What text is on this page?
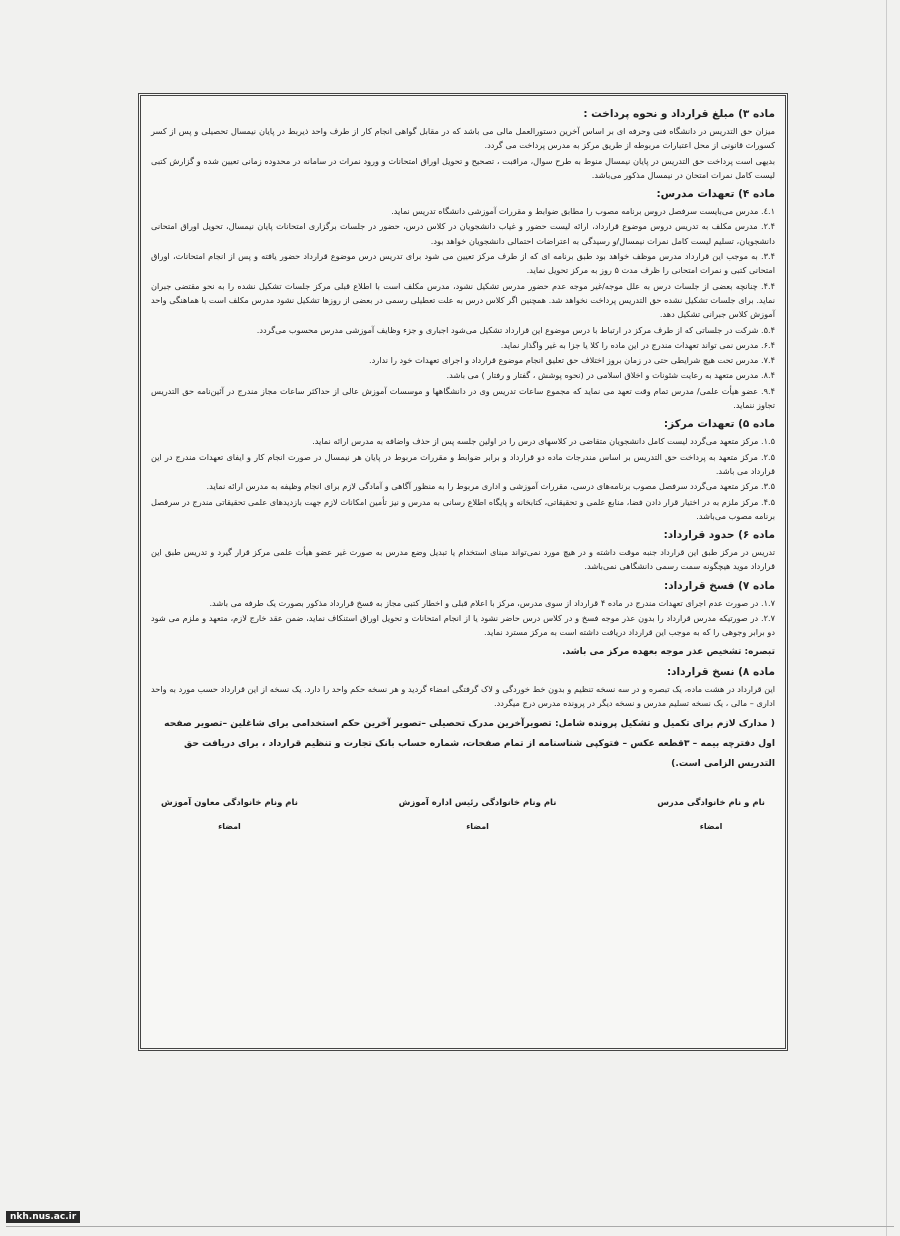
ماده ۳) مبلغ قرارداد و نحوه پرداخت :

میزان حق التدریس در دانشگاه فنی وحرفه ای بر اساس آخرین دستورالعمل مالی می باشد که در مقابل گواهی انجام کار از طرف واحد ذیربط در پایان نیمسال تحصیلی و پس از کسر کسورات قانونی از محل اعتبارات مربوطه از طریق مرکز به مدرس پرداخت می گردد.

بدیهی است پرداخت حق التدریس در پایان نیمسال منوط به طرح سوال، مراقبت ، تصحیح و تحویل اوراق امتحانات و ورود نمرات در سامانه در محدوده زمانی تعیین شده و گزارش کتبی لیست کامل نمرات امتحان در نیمسال مذکور می‌باشد.

ماده ۴) تعهدات مدرس:

۱.٤. مدرس می‌بایست سرفصل دروس برنامه مصوب را مطابق ضوابط و مقررات آموزشی دانشگاه تدریس نماید.

۲.۴. مدرس مکلف به تدریس دروس موضوع قرارداد، ارائه لیست حضور و غیاب دانشجویان در کلاس درس، حضور در جلسات برگزاری امتحانات پایان نیمسال، تحویل اوراق امتحانی دانشجویان، تسلیم لیست کامل نمرات نیمسال/و رسیدگی به اعتراضات احتمالی دانشجویان خواهد بود.

۳.۴. به موجب این قرارداد مدرس موظف خواهد بود طبق برنامه ای که از طرف مرکز تعیین می شود برای تدریس درس موضوع قرارداد حضور یافته و پس از انجام امتحانات، اوراق امتحانی کتبی و نمرات امتحانی را ظرف مدت ۵ روز به مرکز تحویل نماید.

۴.۴. چنانچه بعضی از جلسات درس به علل موجه/غیر موجه عدم حضور مدرس تشکیل نشود، مدرس مکلف است با اطلاع قبلی مرکز جلسات تشکیل نشده را به نحو مقتضی جبران نماید. برای جلسات تشکیل نشده حق التدریس پرداخت نخواهد شد. همچنین اگر کلاس درس به علت تعطیلی رسمی در بعضی از روزها تشکیل نشود مدرس مکلف است با هماهنگی واحد آموزش کلاس جبرانی تشکیل دهد.

۵.۴. شرکت در جلساتی که از طرف مرکز در ارتباط با درس موضوع این قرارداد تشکیل می‌شود اجباری و جزء وظایف آموزشی مدرس محسوب می‌گردد.

۶.۴. مدرس نمی تواند تعهدات مندرج در این ماده را کلا یا جزا به غیر واگذار نماید.

۷.۴. مدرس تحت هیچ شرایطی حتی در زمان بروز اختلاف حق تعلیق انجام موضوع قرارداد و اجرای تعهدات خود را ندارد.

۸.۴. مدرس متعهد به رعایت شئونات و اخلاق اسلامی در (نحوه پوشش ، گفتار و رفتار ) می باشد.

۹.۴. عضو هیأت علمی/ مدرس تمام وقت تعهد می نماید که مجموع ساعات تدریس وی در دانشگاهها و موسسات آموزش عالی از حداکثر ساعات مجاز مندرج در آئین‌نامه حق التدریس تجاوز ننماید.

ماده ۵) تعهدات مرکز:

۱.۵. مرکز متعهد می‌گردد لیست کامل دانشجویان متقاضی در کلاسهای درس را در اولین جلسه پس از حذف واضافه به مدرس ارائه نماید.

۲.۵. مرکز متعهد به پرداخت حق التدریس بر اساس مندرجات ماده دو قرارداد و برابر ضوابط و مقررات مربوط در پایان هر نیمسال در صورت انجام کار و ایفای تعهدات مندرج در این قرارداد می باشد.

۳.۵. مرکز متعهد می‌گردد سرفصل مصوب برنامه‌های درسی، مقررات آموزشی و اداری مربوط را به منظور آگاهی و آمادگی لازم برای انجام وظیفه به مدرس ارائه نماید.

۴.۵. مرکز ملزم به در اختیار قرار دادن فضا، منابع علمی و تحقیقاتی، کتابخانه و پایگاه اطلاع رسانی به مدرس و نیز تأمین امکانات لازم جهت بازدیدهای علمی تحقیقاتی مندرج در سرفصل برنامه مصوب می‌باشد.

ماده ۶) حدود قرارداد:

تدریس در مرکز طبق این قرارداد جنبه موقت داشته و در هیچ مورد نمی‌تواند مبنای استخدام یا تبدیل وضع مدرس به صورت غیر عضو هیأت علمی مرکز قرار گیرد و تدریس طبق این قرارداد موید هیچگونه سمت رسمی دانشگاهی نمی‌باشد.

ماده ۷) فسخ قرارداد:

۱.۷. در صورت عدم اجرای تعهدات مندرج در ماده ۴ قرارداد از سوی مدرس، مرکز با اعلام قبلی و اخطار کتبی مجاز به فسخ قرارداد مذکور بصورت یک طرفه می باشد.

۲.۷. در صورتیکه مدرس قرارداد را بدون عذر موجه فسخ و در کلاس درس حاضر نشود یا از انجام امتحانات و تحویل اوراق استنکاف نماید، ضمن عقد خارج لازم، متعهد و ملزم می شود دو برابر وجوهی را که به موجب این قرارداد دریافت داشته است به مرکز مسترد نماید.

تبصره: تشخیص عذر موجه بعهده مرکز می باشد.
ماده ۸) نسخ قرارداد:

این قرارداد در هشت ماده، یک تبصره و در سه نسخه تنظیم و بدون خط خوردگی و لاک گرفتگی امضاء گردید و هر نسخه حکم واحد را دارد. یک نسخه از این قرارداد حسب مورد به واحد اداری – مالی ، یک نسخه تسلیم مدرس و نسخه دیگر در پرونده مدرس درج میگردد.

( مدارک لازم برای تکمیل و تشکیل پرونده شامل: تصویرآخرین مدرک تحصیلی –تصویر آخرین حکم استخدامی برای شاغلین –تصویر صفحه اول دفترچه بیمه – ۳قطعه عکس – فتوکپی شناسنامه از تمام صفحات، شماره حساب بانک تجارت و تنظیم قرارداد ، برای دریافت حق التدریس الزامی است.)
نام و نام خانوادگی مدرس
امضاء
نام ونام خانوادگی رئیس اداره آموزش
امضاء
نام ونام خانوادگی معاون آموزش
امضاء
nkh.nus.ac.ir
